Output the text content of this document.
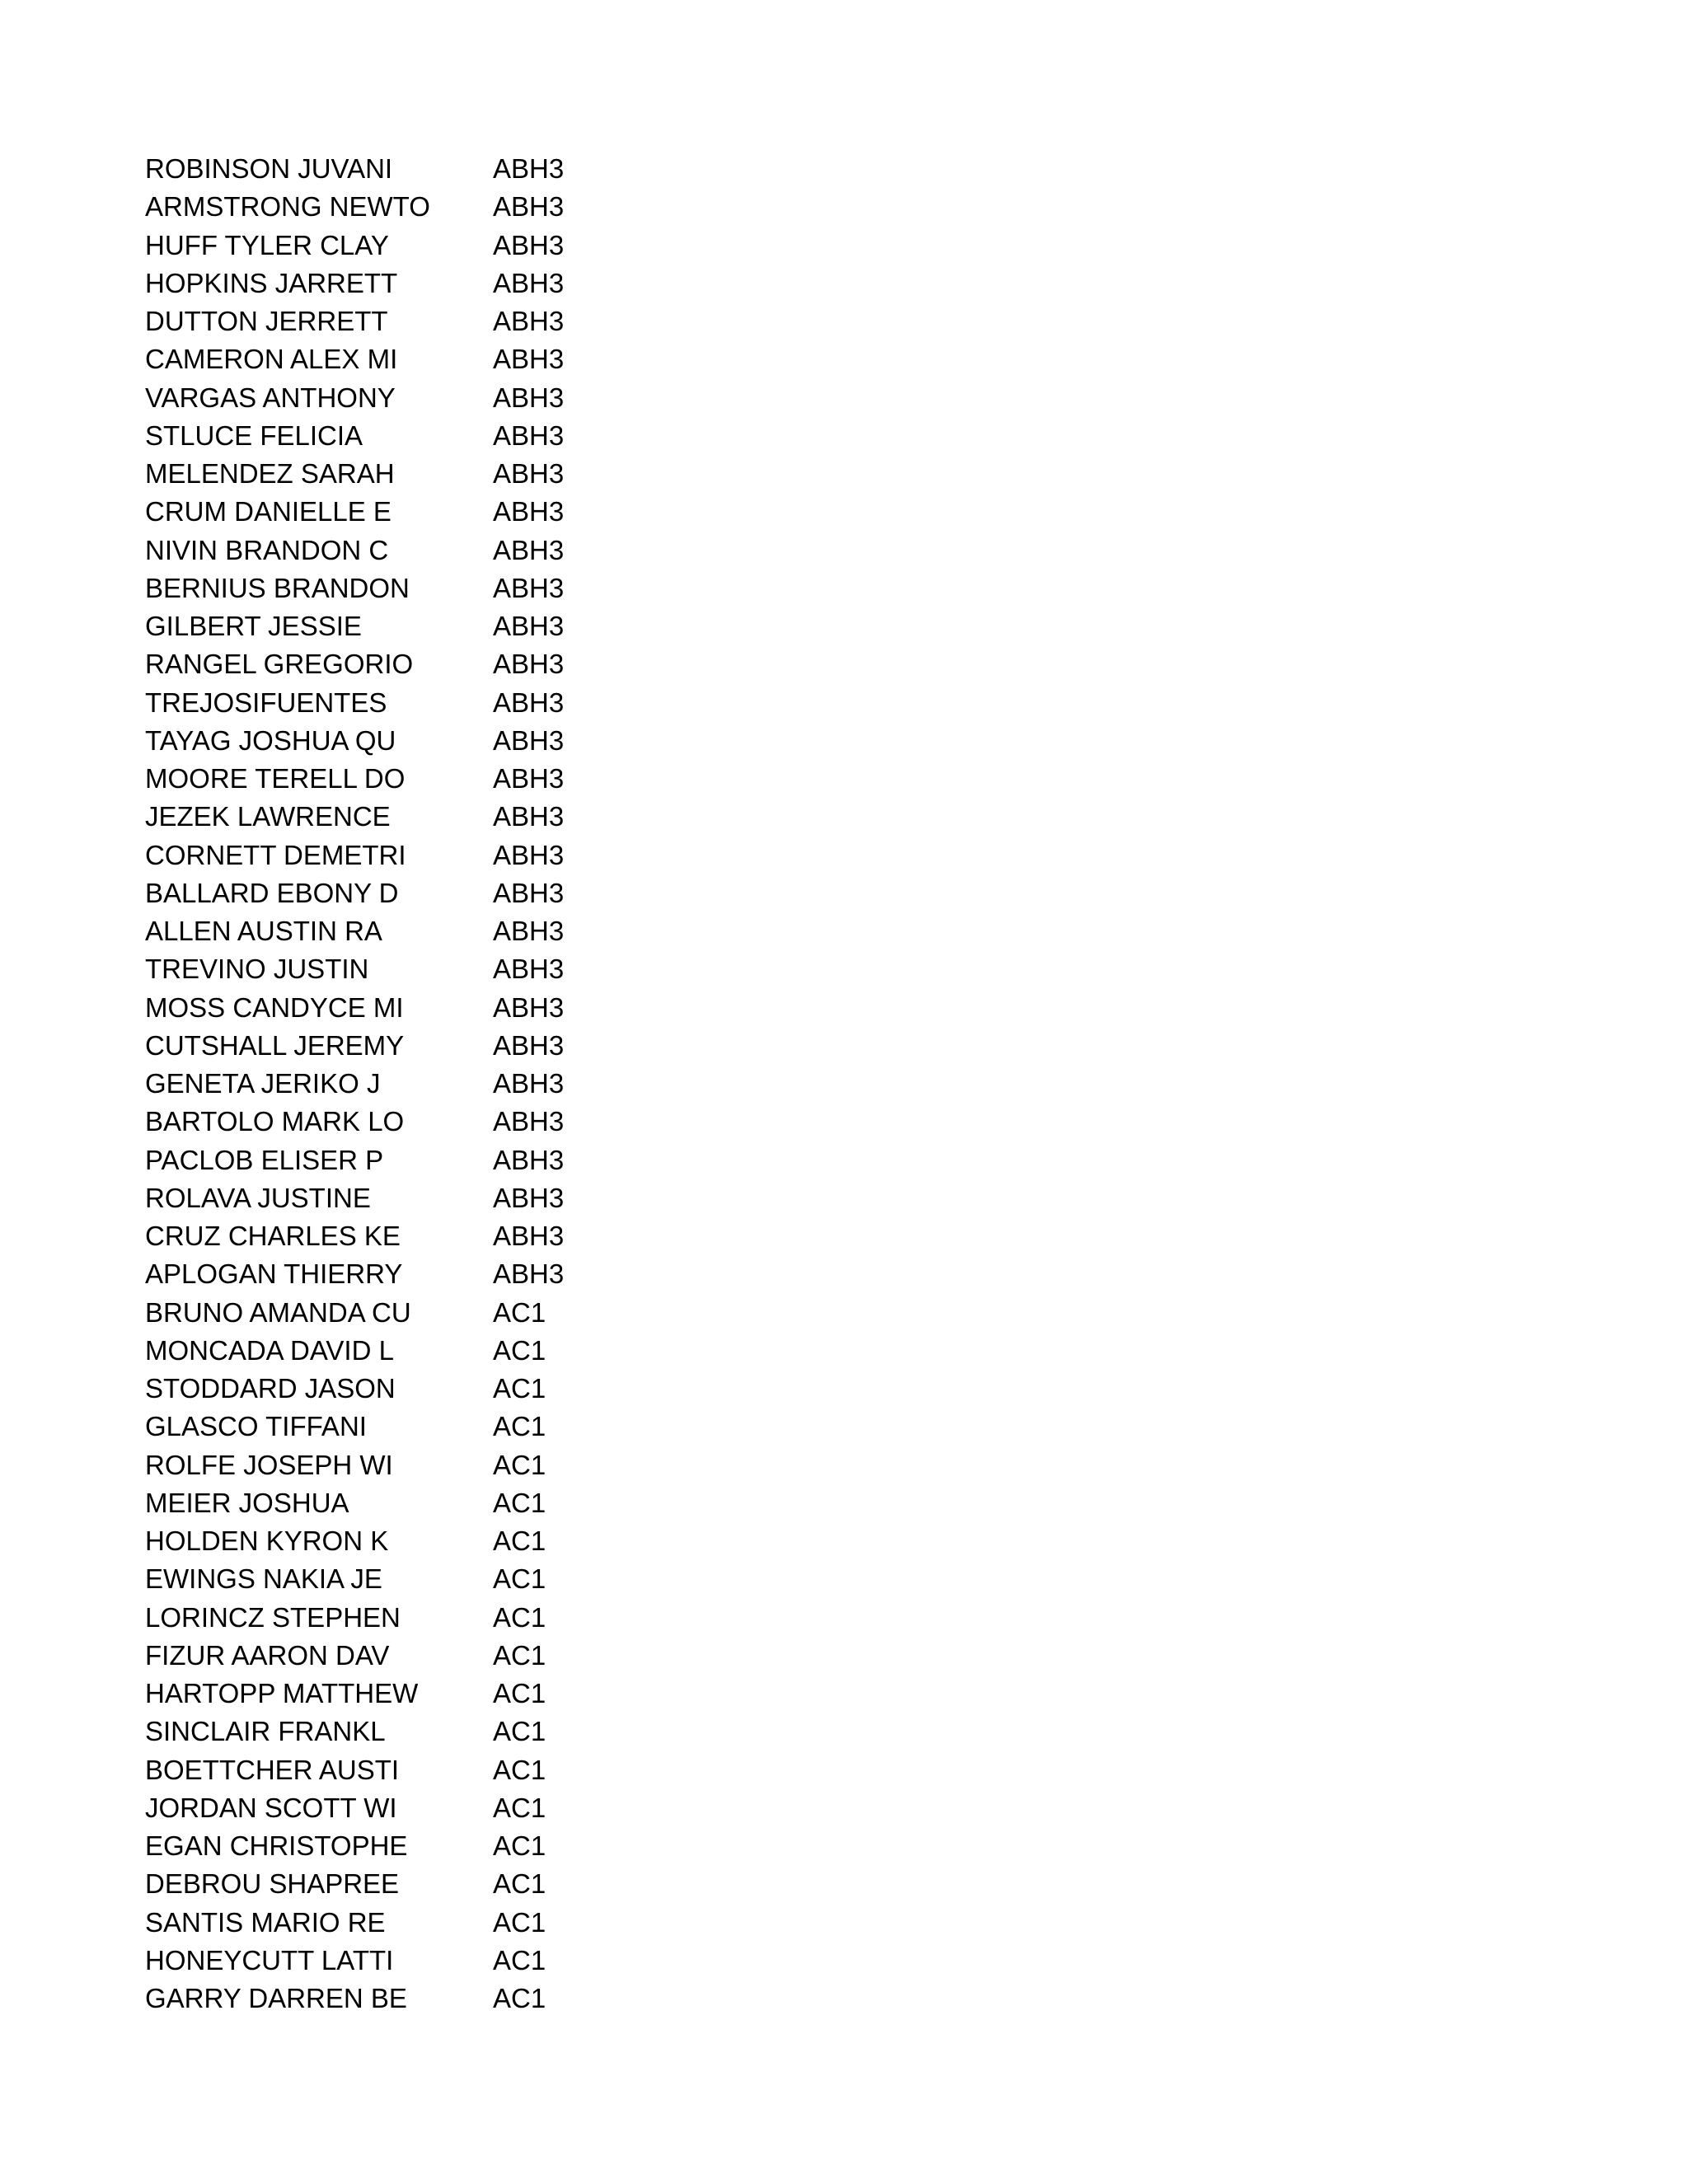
ROBINSON JUVANI	ABH3
ARMSTRONG NEWTO	ABH3
HUFF TYLER CLAY	ABH3
HOPKINS JARRETT	ABH3
DUTTON JERRETT	ABH3
CAMERON ALEX MI	ABH3
VARGAS ANTHONY	ABH3
STLUCE FELICIA	ABH3
MELENDEZ SARAH	ABH3
CRUM DANIELLE E	ABH3
NIVIN BRANDON C	ABH3
BERNIUS BRANDON	ABH3
GILBERT JESSIE	ABH3
RANGEL GREGORIO	ABH3
TREJOSIFUENTES	ABH3
TAYAG JOSHUA QU	ABH3
MOORE TERELL DO	ABH3
JEZEK LAWRENCE	ABH3
CORNETT DEMETRI	ABH3
BALLARD EBONY D	ABH3
ALLEN AUSTIN RA	ABH3
TREVINO JUSTIN	ABH3
MOSS CANDYCE MI	ABH3
CUTSHALL JEREMY	ABH3
GENETA JERIKO J	ABH3
BARTOLO MARK LO	ABH3
PACLOB ELISER P	ABH3
ROLAVA JUSTINE	ABH3
CRUZ CHARLES KE	ABH3
APLOGAN THIERRY	ABH3
BRUNO AMANDA CU	AC1
MONCADA DAVID L	AC1
STODDARD JASON	AC1
GLASCO TIFFANI	AC1
ROLFE JOSEPH WI	AC1
MEIER JOSHUA	AC1
HOLDEN KYRON K	AC1
EWINGS NAKIA JE	AC1
LORINCZ STEPHEN	AC1
FIZUR AARON DAV	AC1
HARTOPP MATTHEW	AC1
SINCLAIR FRANKL	AC1
BOETTCHER AUSTI	AC1
JORDAN SCOTT WI	AC1
EGAN CHRISTOPHE	AC1
DEBROU SHAPREE	AC1
SANTIS MARIO RE	AC1
HONEYCUTT LATTI	AC1
GARRY DARREN BE	AC1
